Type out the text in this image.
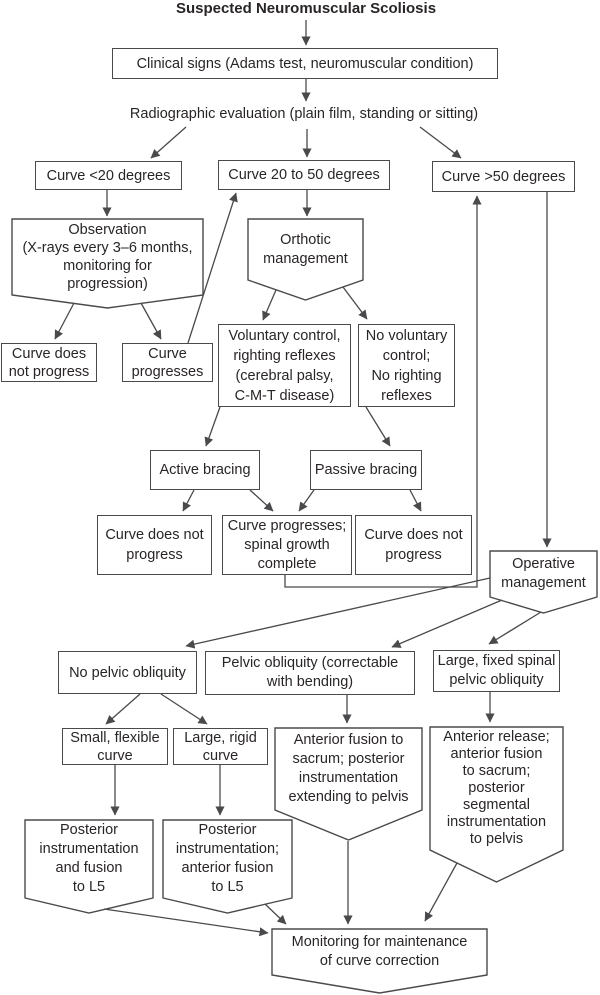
Suspected Neuromuscular Scoliosis
Clinical signs (Adams test, neuromuscular condition)
Radiographic evaluation (plain film, standing or sitting)
Curve <20 degrees	Curve 20 to 50 degrees	Curve >50 degrees
Observation
(X-rays every 3–6 months,
monitoring for
progression)
Curve does
not progress
Curve
progresses
Orthotic
management
Voluntary control,
righting reflexes
(cerebral palsy,
C-M-T disease)
No voluntary
control;
No righting
reflexes
Active bracing	Passive bracing
Curve does not
progress
Curve progresses;
spinal growth
complete
Curve does not
progress
Operative
management
No pelvic obliquity
Pelvic obliquity (correctable
with bending)
Large, fixed spinal
pelvic obliquity
Small, flexible
curve
Large, rigid
curve
Anterior fusion to
sacrum; posterior
instrumentation
extending to pelvis
Anterior release;
anterior fusion
to sacrum;
posterior
segmental
instrumentation
to pelvis
Posterior
instrumentation
and fusion
to L5
Posterior
instrumentation;
anterior fusion
to L5
Monitoring for maintenance
of curve correction
